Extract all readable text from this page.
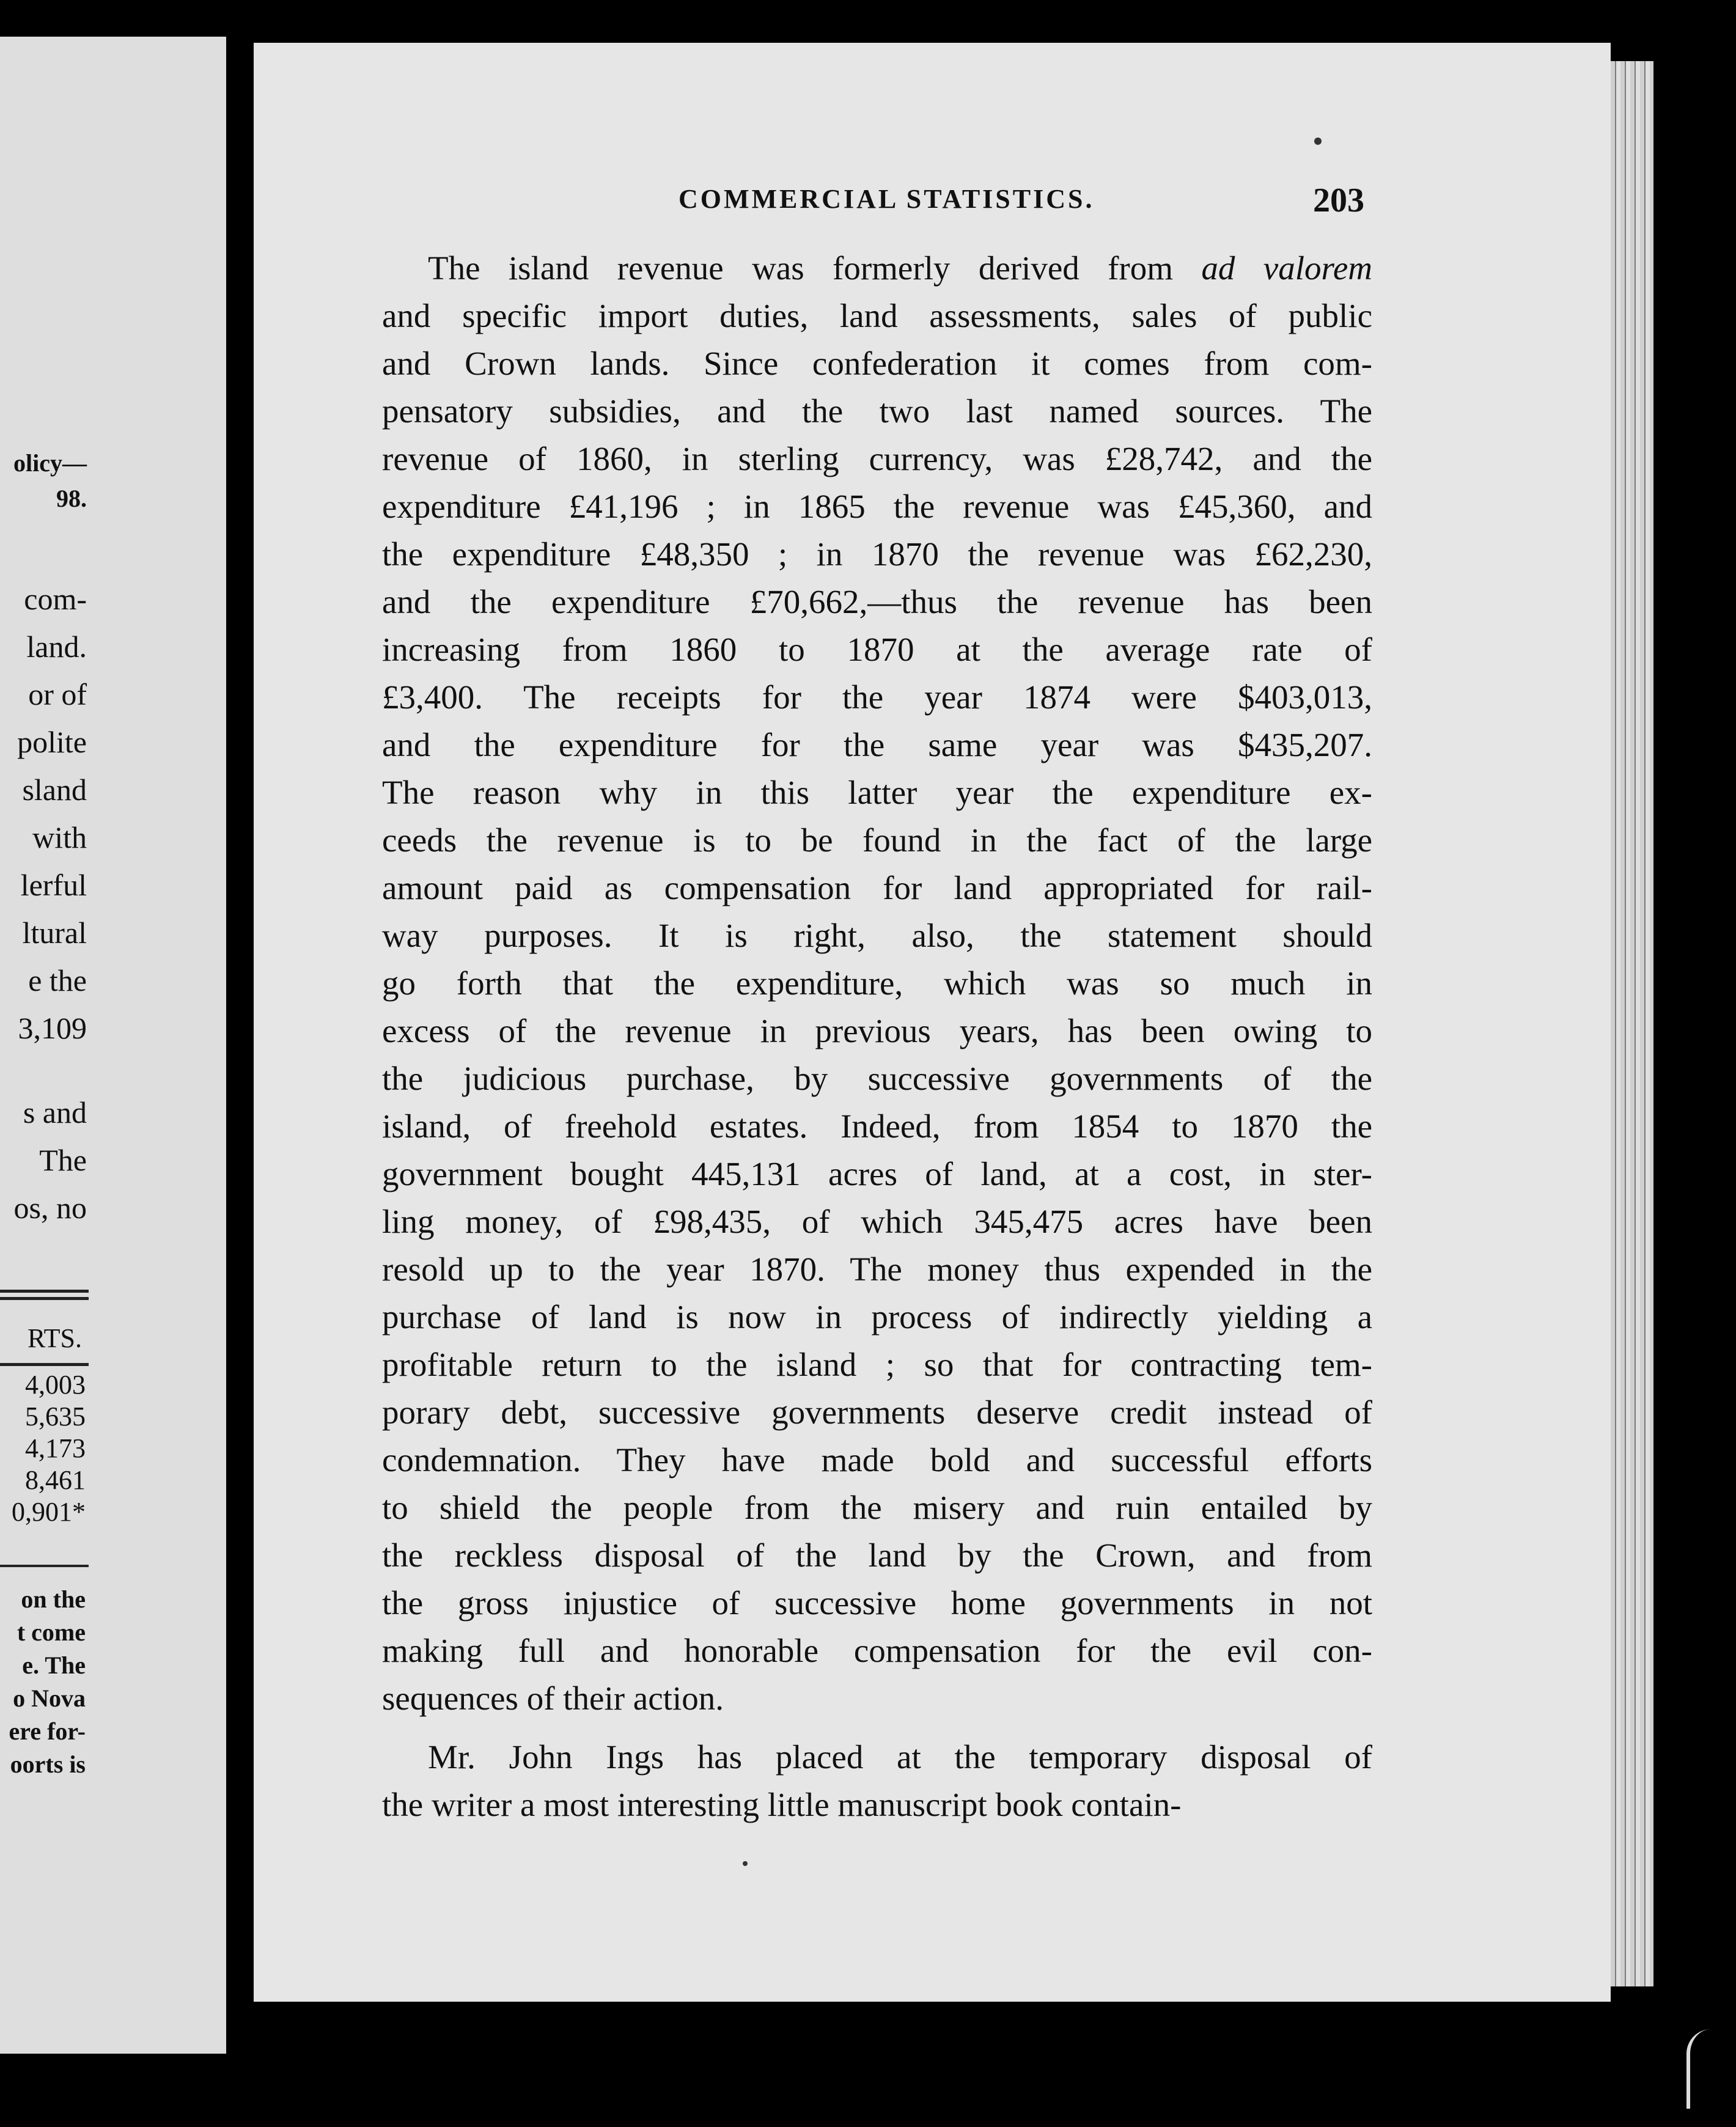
olicy—
98.
com-
land.
or of
polite
sland
with
lerful
ltural
e the
3,109
s and
The
os, no
RTS.
4,003
5,635
4,173
8,461
0,901*
on the
t come
e. The
o Nova
ere for-
oorts is
COMMERCIAL STATISTICS.	203
The island revenue was formerly derived from ad valorem
and specific import duties, land assessments, sales of public
and Crown lands. Since confederation it comes from com-
pensatory subsidies, and the two last named sources. The
revenue of 1860, in sterling currency, was £28,742, and the
expenditure £41,196 ; in 1865 the revenue was £45,360, and
the expenditure £48,350 ; in 1870 the revenue was £62,230,
and the expenditure £70,662,—thus the revenue has been
increasing from 1860 to 1870 at the average rate of
£3,400. The receipts for the year 1874 were $403,013,
and the expenditure for the same year was $435,207.
The reason why in this latter year the expenditure ex-
ceeds the revenue is to be found in the fact of the large
amount paid as compensation for land appropriated for rail-
way purposes. It is right, also, the statement should
go forth that the expenditure, which was so much in
excess of the revenue in previous years, has been owing to
the judicious purchase, by successive governments of the
island, of freehold estates. Indeed, from 1854 to 1870 the
government bought 445,131 acres of land, at a cost, in ster-
ling money, of £98,435, of which 345,475 acres have been
resold up to the year 1870. The money thus expended in the
purchase of land is now in process of indirectly yielding a
profitable return to the island ; so that for contracting tem-
porary debt, successive governments deserve credit instead of
condemnation. They have made bold and successful efforts
to shield the people from the misery and ruin entailed by
the reckless disposal of the land by the Crown, and from
the gross injustice of successive home governments in not
making full and honorable compensation for the evil con-
sequences of their action.
Mr. John Ings has placed at the temporary disposal of
the writer a most interesting little manuscript book contain-
